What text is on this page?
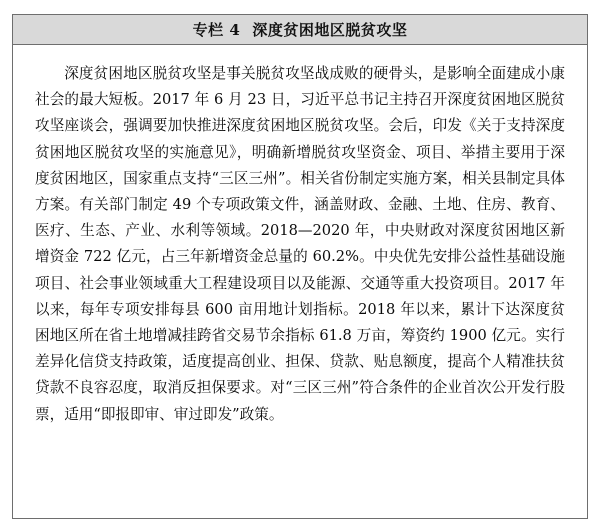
专栏 4 深度贫困地区脱贫攻坚

深度贫困地区脱贫攻坚是事关脱贫攻坚战成败的硬骨头，是影响全面建成小康社会的最大短板。2017 年 6 月 23 日，习近平总书记主持召开深度贫困地区脱贫攻坚座谈会，强调要加快推进深度贫困地区脱贫攻坚。会后，印发《关于支持深度贫困地区脱贫攻坚的实施意见》，明确新增脱贫攻坚资金、项目、举措主要用于深度贫困地区，国家重点支持“三区三州”。相关省份制定实施方案，相关县制定具体方案。有关部门制定 49 个专项政策文件，涵盖财政、金融、土地、住房、教育、医疗、生态、产业、水利等领域。2018—2020 年，中央财政对深度贫困地区新增资金 722 亿元，占三年新增资金总量的 60.2%。中央优先安排公益性基础设施项目、社会事业领域重大工程建设项目以及能源、交通等重大投资项目。2017 年以来，每年专项安排每县 600 亩用地计划指标。2018 年以来，累计下达深度贫困地区所在省土地增减挂跨省交易节余指标 61.8 万亩，筹资约 1900 亿元。实行差异化信贷支持政策，适度提高创业、担保、贷款、贴息额度，提高个人精准扶贫贷款不良容忍度，取消反担保要求。对“三区三州”符合条件的企业首次公开发行股票，适用“即报即审、审过即发”政策。
